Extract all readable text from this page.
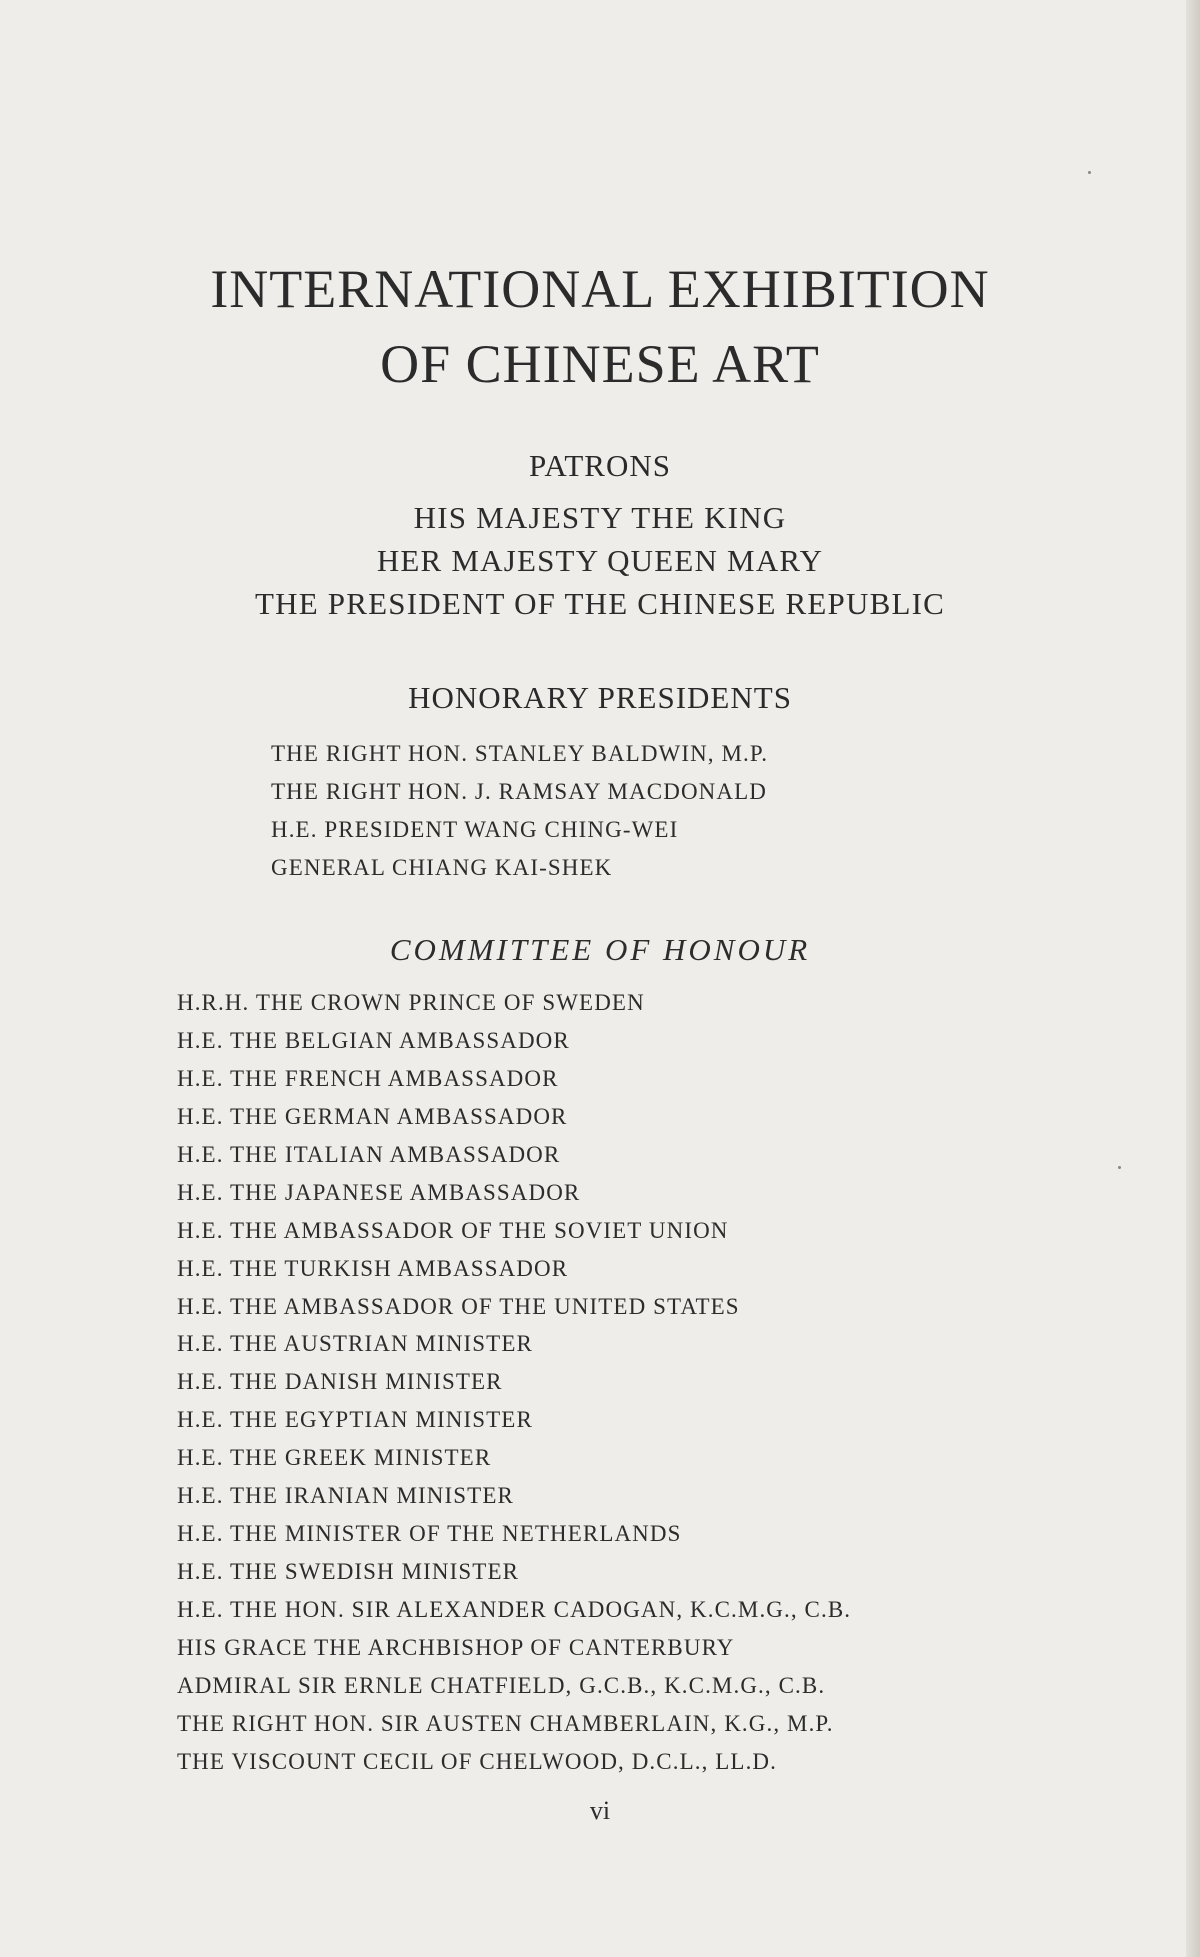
INTERNATIONAL EXHIBITION
OF CHINESE ART
PATRONS
HIS MAJESTY THE KING
HER MAJESTY QUEEN MARY
THE PRESIDENT OF THE CHINESE REPUBLIC
HONORARY PRESIDENTS
THE RIGHT HON. STANLEY BALDWIN, M.P.
THE RIGHT HON. J. RAMSAY MACDONALD
H.E. PRESIDENT WANG CHING-WEI
GENERAL CHIANG KAI-SHEK
COMMITTEE OF HONOUR
H.R.H. THE CROWN PRINCE OF SWEDEN
H.E. THE BELGIAN AMBASSADOR
H.E. THE FRENCH AMBASSADOR
H.E. THE GERMAN AMBASSADOR
H.E. THE ITALIAN AMBASSADOR
H.E. THE JAPANESE AMBASSADOR
H.E. THE AMBASSADOR OF THE SOVIET UNION
H.E. THE TURKISH AMBASSADOR
H.E. THE AMBASSADOR OF THE UNITED STATES
H.E. THE AUSTRIAN MINISTER
H.E. THE DANISH MINISTER
H.E. THE EGYPTIAN MINISTER
H.E. THE GREEK MINISTER
H.E. THE IRANIAN MINISTER
H.E. THE MINISTER OF THE NETHERLANDS
H.E. THE SWEDISH MINISTER
H.E. THE HON. SIR ALEXANDER CADOGAN, K.C.M.G., C.B.
HIS GRACE THE ARCHBISHOP OF CANTERBURY
ADMIRAL SIR ERNLE CHATFIELD, G.C.B., K.C.M.G., C.B.
THE RIGHT HON. SIR AUSTEN CHAMBERLAIN, K.G., M.P.
THE VISCOUNT CECIL OF CHELWOOD, D.C.L., LL.D.
vi
